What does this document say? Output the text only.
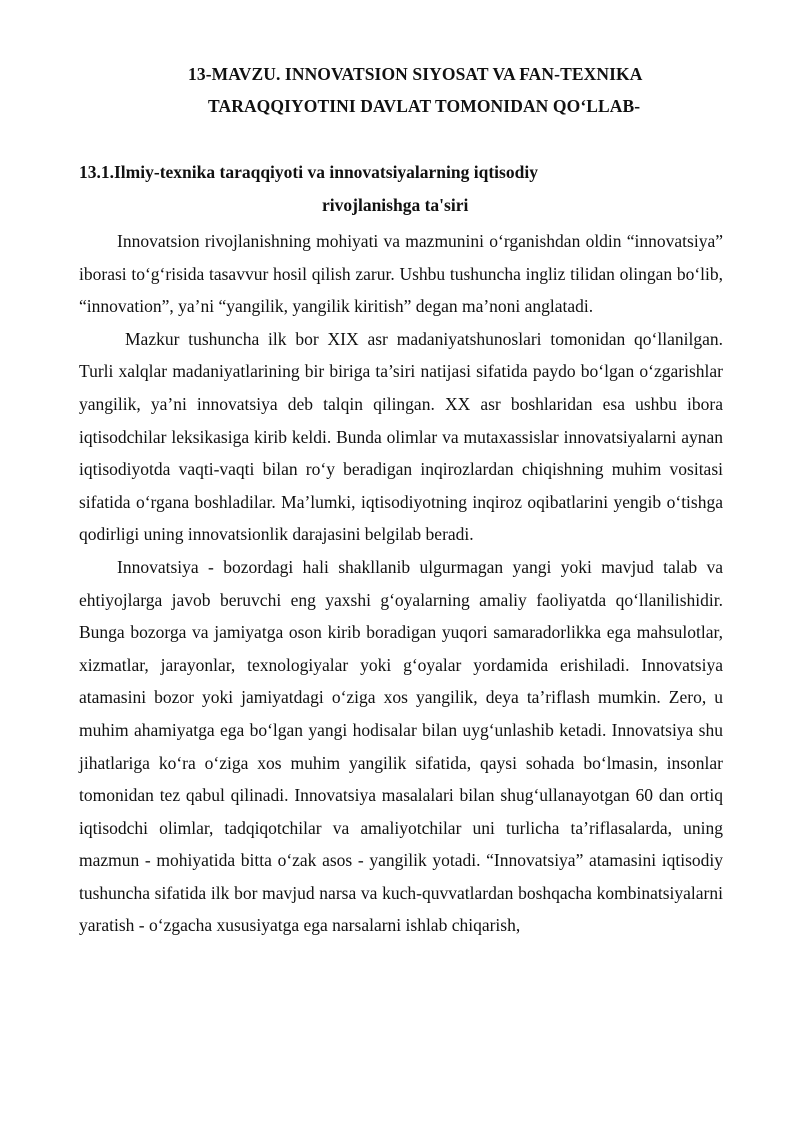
13-MAVZU. INNOVATSION SIYOSAT VA FAN-TEXNIKA
TARAQQIYOTINI DAVLAT TOMONIDAN QO‘LLAB-
13.1.Ilmiy-texnika taraqqiyoti va innovatsiyalarning iqtisodiy
rivojlanishga ta'siri

Innovatsion rivojlanishning mohiyati va mazmunini o‘rganishdan oldin “innovatsiya” iborasi to‘g‘risida tasavvur hosil qilish zarur. Ushbu tushuncha ingliz tilidan olingan bo‘lib, “innovation”, ya’ni “yangilik, yangilik kiritish” degan ma’noni anglatadi.

Mazkur tushuncha ilk bor XIX asr madaniyatshunoslari tomonidan qo‘llanilgan. Turli xalqlar madaniyatlarining bir biriga ta’siri natijasi sifatida paydo bo‘lgan o‘zgarishlar yangilik, ya’ni innovatsiya deb talqin qilingan. XX asr boshlaridan esa ushbu ibora iqtisodchilar leksikasiga kirib keldi. Bunda olimlar va mutaxassislar innovatsiyalarni aynan iqtisodiyotda vaqti-vaqti bilan ro‘y beradigan inqirozlardan chiqishning muhim vositasi sifatida o‘rgana boshladilar. Ma’lumki, iqtisodiyotning inqiroz oqibatlarini yengib o‘tishga qodirligi uning innovatsionlik darajasini belgilab beradi.

Innovatsiya - bozordagi hali shakllanib ulgurmagan yangi yoki mavjud talab va ehtiyojlarga javob beruvchi eng yaxshi g‘oyalarning amaliy faoliyatda qo‘llanilishidir. Bunga bozorga va jamiyatga oson kirib boradigan yuqori samaradorlikka ega mahsulotlar, xizmatlar, jarayonlar, texnologiyalar yoki g‘oyalar yordamida erishiladi. Innovatsiya atamasini bozor yoki jamiyatdagi o‘ziga xos yangilik, deya ta’riflash mumkin. Zero, u muhim ahamiyatga ega bo‘lgan yangi hodisalar bilan uyg‘unlashib ketadi. Innovatsiya shu jihatlariga ko‘ra o‘ziga xos muhim yangilik sifatida, qaysi sohada bo‘lmasin, insonlar tomonidan tez qabul qilinadi. Innovatsiya masalalari bilan shug‘ullanayotgan 60 dan ortiq iqtisodchi olimlar, tadqiqotchilar va amaliyotchilar uni turlicha ta’riflasalarda, uning mazmun - mohiyatida bitta o‘zak asos - yangilik yotadi. “Innovatsiya” atamasini iqtisodiy tushuncha sifatida ilk bor mavjud narsa va kuch-quvvatlardan boshqacha kombinatsiyalarni yaratish - o‘zgacha xususiyatga ega narsalarni ishlab chiqarish,
